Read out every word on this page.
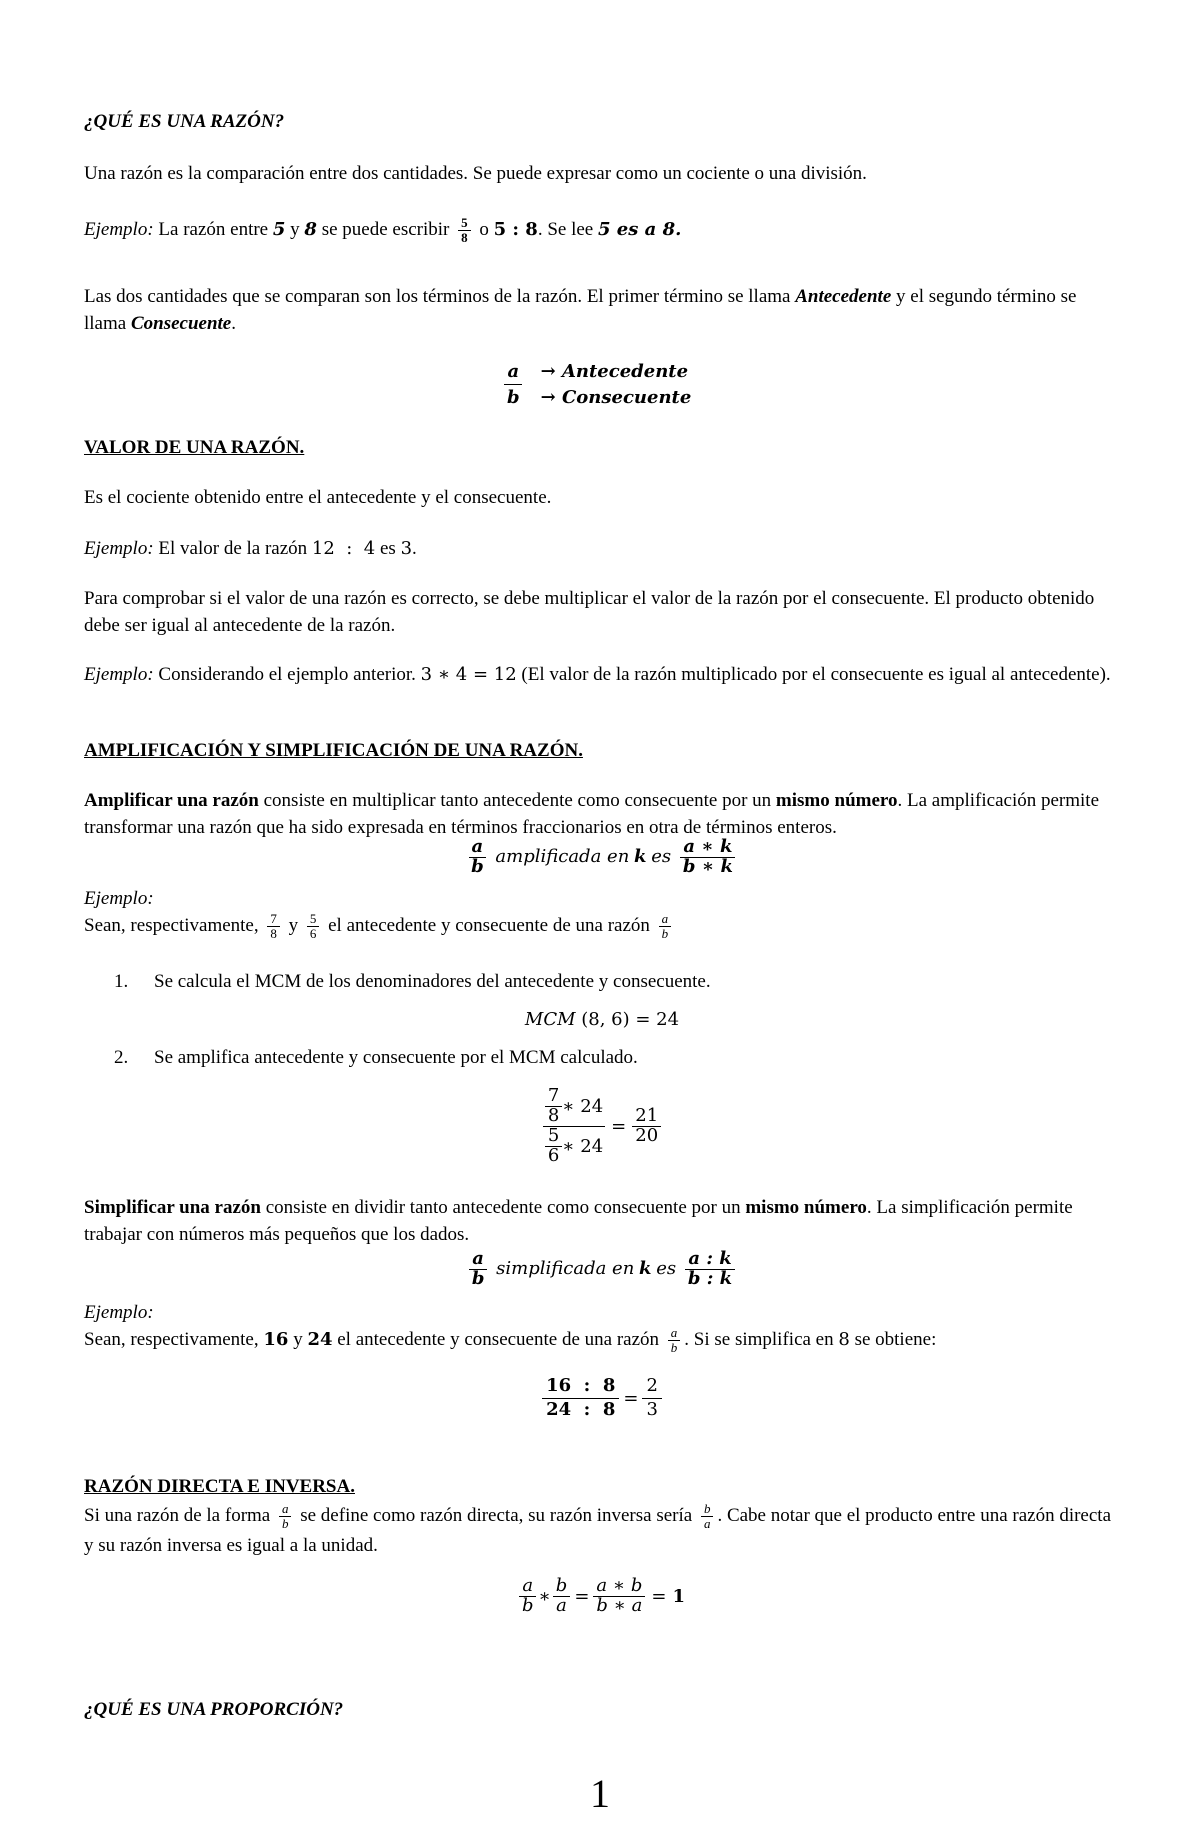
¿QUÉ ES UNA RAZÓN?
Una razón es la comparación entre dos cantidades. Se puede expresar como un cociente o una división.
Ejemplo: La razón entre 5 y 8 se puede escribir $\frac{5}{8}$ o 5 : 8. Se lee 5 es a 8.
Las dos cantidades que se comparan son los términos de la razón. El primer término se llama Antecedente y el segundo término se llama Consecuente.
a
b
→ Antecedente
→ Consecuente
VALOR DE UNA RAZÓN.
Es el cociente obtenido entre el antecedente y el consecuente.
Ejemplo: El valor de la razón 12  :  4 es 3.
Para comprobar si el valor de una razón es correcto, se debe multiplicar el valor de la razón por el consecuente. El producto obtenido debe ser igual al antecedente de la razón.
Ejemplo: Considerando el ejemplo anterior. 3 ∗ 4 = 12 (El valor de la razón multiplicado por el consecuente es igual al antecedente).
AMPLIFICACIÓN Y SIMPLIFICACIÓN DE UNA RAZÓN.
Amplificar una razón consiste en multiplicar tanto antecedente como consecuente por un mismo número. La amplificación permite transformar una razón que ha sido expresada en términos fraccionarios en otra de términos enteros.
$\frac{a}{b}$ amplificada en k es $\frac{a ∗ k}{b ∗ k}$
Ejemplo:
Sean, respectivamente, $\frac{7}{8}$ y $\frac{5}{6}$ el antecedente y consecuente de una razón $\frac{a}{b}$
1. Se calcula el MCM de los denominadores del antecedente y consecuente.
MCM (8, 6) = 24
2. Se amplifica antecedente y consecuente por el MCM calculado.
$\frac{\frac{7}{8} ∗ 24}{\frac{5}{6} ∗ 24} = \frac{21}{20}$
Simplificar una razón consiste en dividir tanto antecedente como consecuente por un mismo número. La simplificación permite trabajar con números más pequeños que los dados.
$\frac{a}{b}$ simplificada en k es $\frac{a : k}{b : k}$
Ejemplo:
Sean, respectivamente, 16 y 24 el antecedente y consecuente de una razón $\frac{a}{b}$ . Si se simplifica en 8 se obtiene:
$\frac{16 : 8}{24 : 8} = \frac{2}{3}$
RAZÓN DIRECTA E INVERSA.
Si una razón de la forma $\frac{a}{b}$ se define como razón directa, su razón inversa sería $\frac{b}{a}$ . Cabe notar que el producto entre una razón directa y su razón inversa es igual a la unidad.
$\frac{a}{b}$ ∗ $\frac{b}{a} = \frac{a ∗ b}{b ∗ a} = 1$
¿QUÉ ES UNA PROPORCIÓN?
1
